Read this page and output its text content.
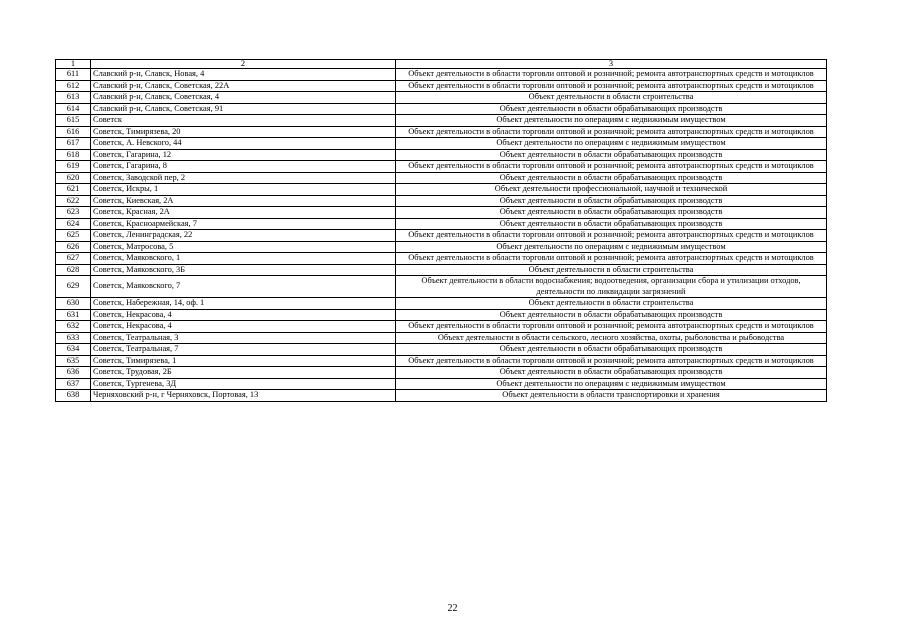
1	2	3
611	Славский р-н, Славск, Новая, 4	Объект деятельности в области торговли оптовой и розничной; ремонта автотранспортных средств и мотоциклов
612	Славский р-н, Славск, Советская, 22А	Объект деятельности в области торговли оптовой и розничной; ремонта автотранспортных средств и мотоциклов
613	Славский р-н, Славск, Советская, 4	Объект деятельности в области строительства
614	Славский р-н, Славск, Советская, 91	Объект деятельности в области обрабатывающих производств
615	Советск	Объект деятельности по операциям с недвижимым имуществом
616	Советск, Тимирязева, 20	Объект деятельности в области торговли оптовой и розничной; ремонта автотранспортных средств и мотоциклов
617	Советск, А. Невского, 44	Объект деятельности по операциям с недвижимым имуществом
618	Советск, Гагарина, 12	Объект деятельности в области обрабатывающих производств
619	Советск, Гагарина, 8	Объект деятельности в области торговли оптовой и розничной; ремонта автотранспортных средств и мотоциклов
620	Советск, Заводской пер, 2	Объект деятельности в области обрабатывающих производств
621	Советск, Искры, 1	Объект деятельности профессиональной, научной и технической
622	Советск, Киевская, 2А	Объект деятельности в области обрабатывающих производств
623	Советск, Красная, 2А	Объект деятельности в области обрабатывающих производств
624	Советск, Красноармейская, 7	Объект деятельности в области обрабатывающих производств
625	Советск, Ленинградская, 22	Объект деятельности в области торговли оптовой и розничной; ремонта автотранспортных средств и мотоциклов
626	Советск, Матросова, 5	Объект деятельности по операциям с недвижимым имуществом
627	Советск, Маяковского, 1	Объект деятельности в области торговли оптовой и розничной; ремонта автотранспортных средств и мотоциклов
628	Советск, Маяковского, 3Б	Объект деятельности в области строительства
629	Советск, Маяковского, 7	Объект деятельности в области водоснабжения; водоотведения, организации сбора и утилизации отходов, деятельности по ликвидации загрязнений
630	Советск, Набережная, 14, оф. 1	Объект деятельности в области строительства
631	Советск, Некрасова, 4	Объект деятельности в области обрабатывающих производств
632	Советск, Некрасова, 4	Объект деятельности в области торговли оптовой и розничной; ремонта автотранспортных средств и мотоциклов
633	Советск, Театральная, 3	Объект деятельности в области сельского, лесного хозяйства, охоты, рыболовства и рыбоводства
634	Советск, Театральная, 7	Объект деятельности в области обрабатывающих производств
635	Советск, Тимирязева, 1	Объект деятельности в области торговли оптовой и розничной; ремонта автотранспортных средств и мотоциклов
636	Советск, Трудовая, 2Б	Объект деятельности в области обрабатывающих производств
637	Советск, Тургенева, 3Д	Объект деятельности по операциям с недвижимым имуществом
638	Черняховский р-н, г Черняховск, Портовая, 13	Объект деятельности в области транспортировки и хранения
22
